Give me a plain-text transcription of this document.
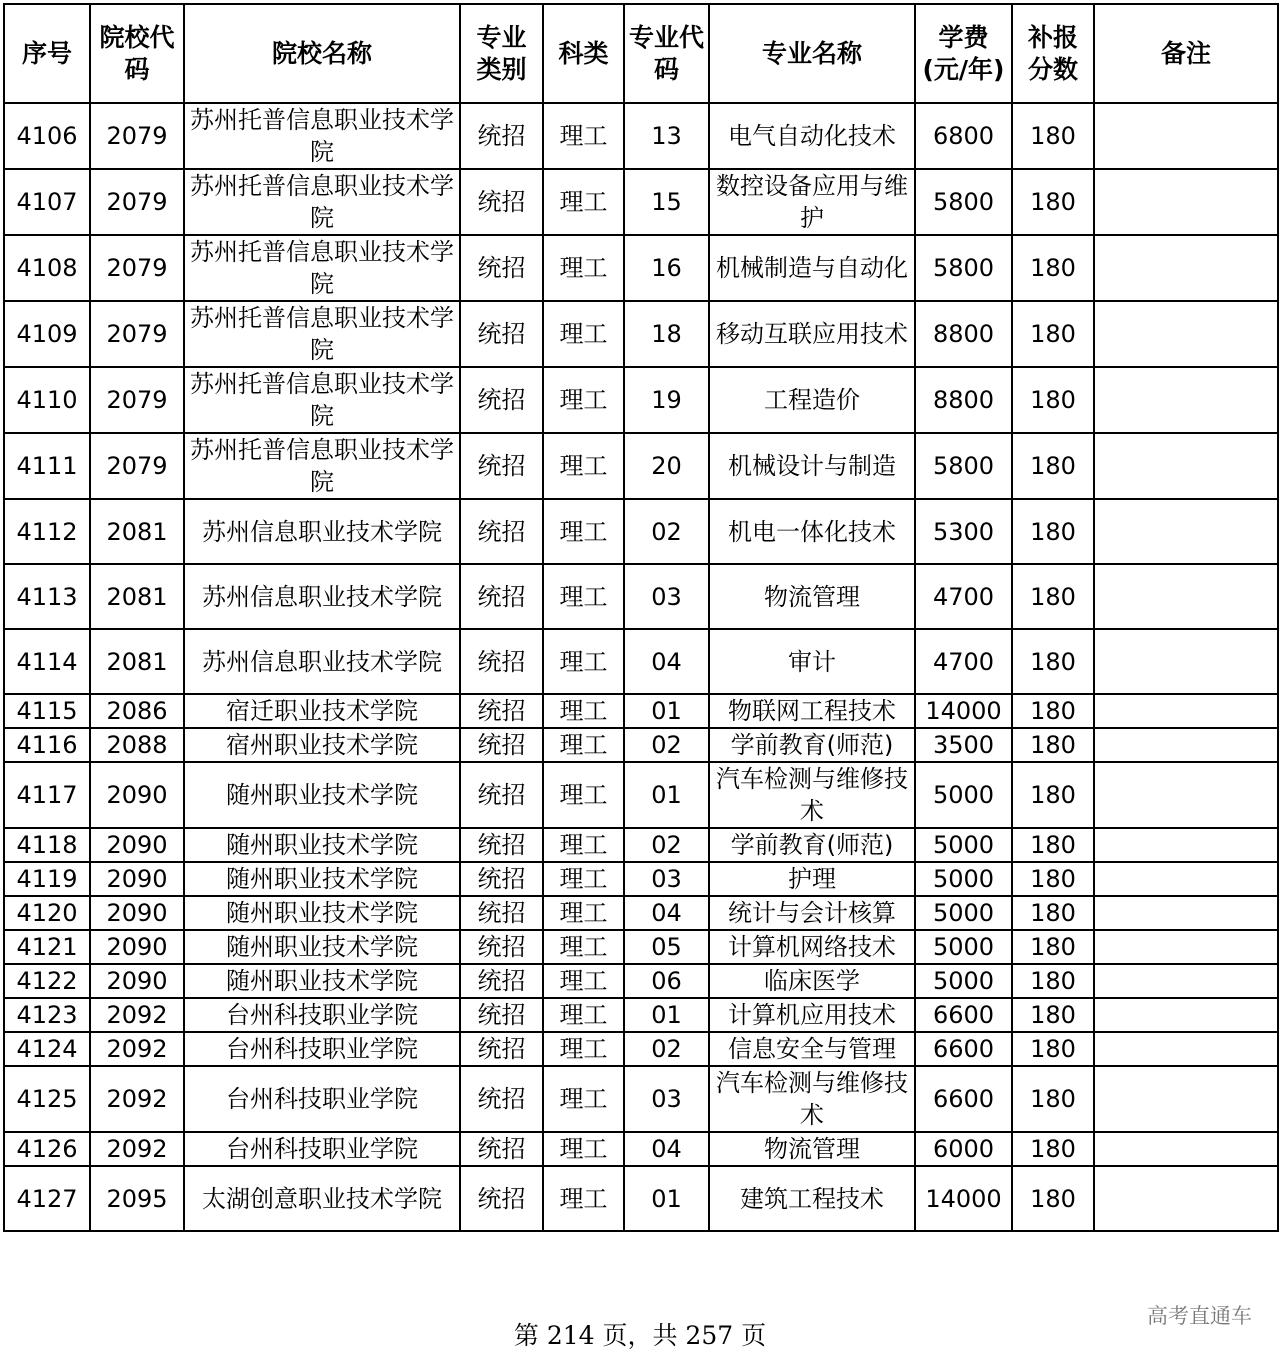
序号	院校代码	院校名称	专业类别	科类	专业代码	专业名称	学费(元/年)	补报分数	备注
4106	2079	苏州托普信息职业技术学院	统招	理工	13	电气自动化技术	6800	180	
4107	2079	苏州托普信息职业技术学院	统招	理工	15	数控设备应用与维护	5800	180	
4108	2079	苏州托普信息职业技术学院	统招	理工	16	机械制造与自动化	5800	180	
4109	2079	苏州托普信息职业技术学院	统招	理工	18	移动互联应用技术	8800	180	
4110	2079	苏州托普信息职业技术学院	统招	理工	19	工程造价	8800	180	
4111	2079	苏州托普信息职业技术学院	统招	理工	20	机械设计与制造	5800	180	
4112	2081	苏州信息职业技术学院	统招	理工	02	机电一体化技术	5300	180	
4113	2081	苏州信息职业技术学院	统招	理工	03	物流管理	4700	180	
4114	2081	苏州信息职业技术学院	统招	理工	04	审计	4700	180	
4115	2086	宿迁职业技术学院	统招	理工	01	物联网工程技术	14000	180	
4116	2088	宿州职业技术学院	统招	理工	02	学前教育(师范)	3500	180	
4117	2090	随州职业技术学院	统招	理工	01	汽车检测与维修技术	5000	180	
4118	2090	随州职业技术学院	统招	理工	02	学前教育(师范)	5000	180	
4119	2090	随州职业技术学院	统招	理工	03	护理	5000	180	
4120	2090	随州职业技术学院	统招	理工	04	统计与会计核算	5000	180	
4121	2090	随州职业技术学院	统招	理工	05	计算机网络技术	5000	180	
4122	2090	随州职业技术学院	统招	理工	06	临床医学	5000	180	
4123	2092	台州科技职业学院	统招	理工	01	计算机应用技术	6600	180	
4124	2092	台州科技职业学院	统招	理工	02	信息安全与管理	6600	180	
4125	2092	台州科技职业学院	统招	理工	03	汽车检测与维修技术	6600	180	
4126	2092	台州科技职业学院	统招	理工	04	物流管理	6000	180	
4127	2095	太湖创意职业技术学院	统招	理工	01	建筑工程技术	14000	180	
第 214 页，共 257 页
高考直通车
